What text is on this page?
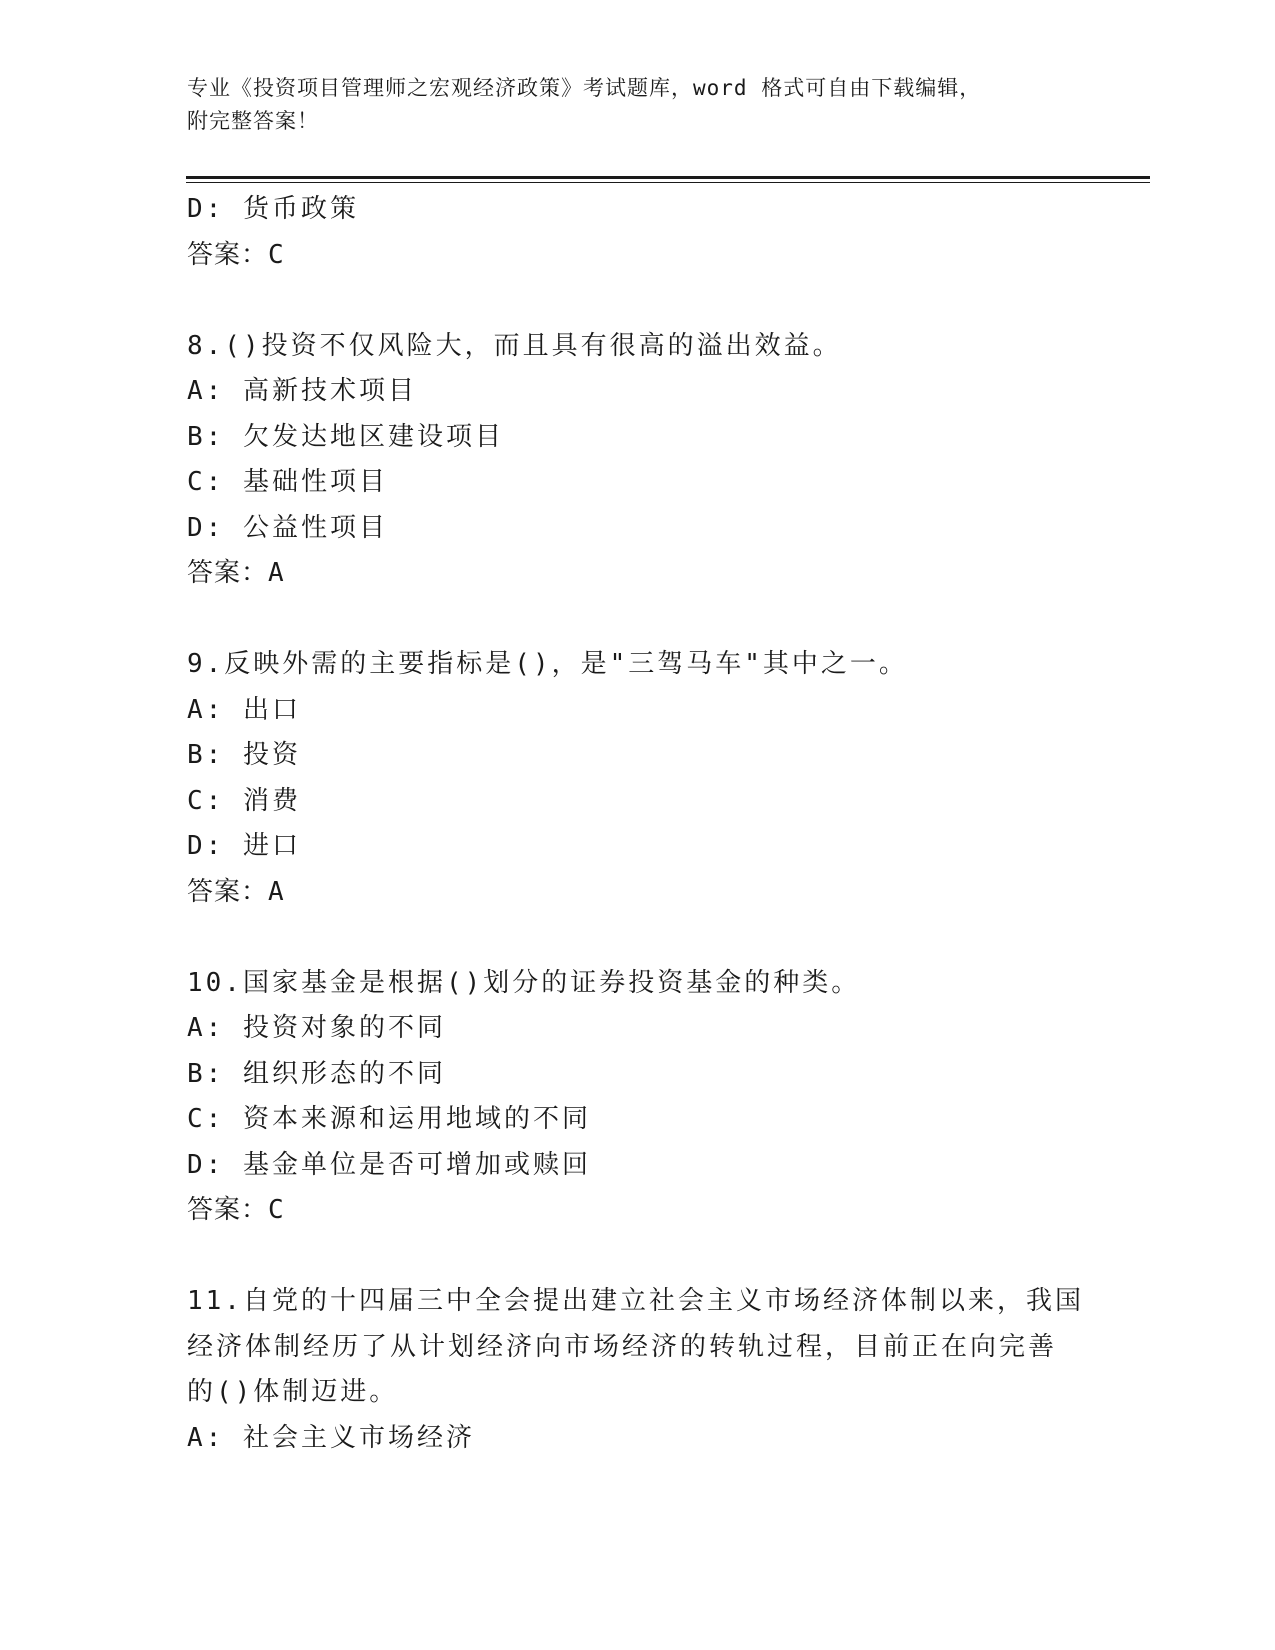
专业《投资项目管理师之宏观经济政策》考试题库，word 格式可自由下载编辑，
附完整答案！
D: 货币政策
答案：C
8.()投资不仅风险大，而且具有很高的溢出效益。
A: 高新技术项目
B: 欠发达地区建设项目
C: 基础性项目
D: 公益性项目
答案：A
9.反映外需的主要指标是()，是"三驾马车"其中之一。
A: 出口
B: 投资
C: 消费
D: 进口
答案：A
10.国家基金是根据()划分的证券投资基金的种类。
A: 投资对象的不同
B: 组织形态的不同
C: 资本来源和运用地域的不同
D: 基金单位是否可增加或赎回
答案：C
11.自党的十四届三中全会提出建立社会主义市场经济体制以来，我国
经济体制经历了从计划经济向市场经济的转轨过程，目前正在向完善
的()体制迈进。
A: 社会主义市场经济
